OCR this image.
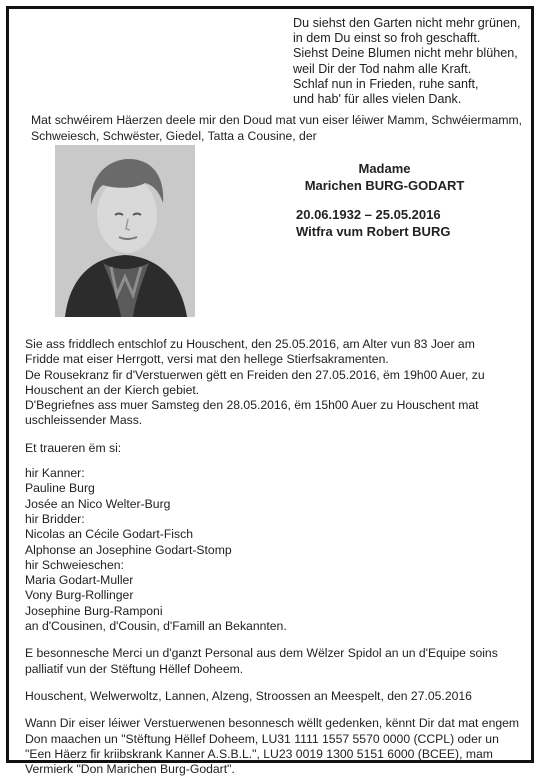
Du siehst den Garten nicht mehr grünen,
in dem Du einst so froh geschafft.
Siehst Deine Blumen nicht mehr blühen,
weil Dir der Tod nahm alle Kraft.
Schlaf nun in Frieden, ruhe sanft,
und hab' für alles vielen Dank.
Mat schwéirem Häerzen deele mir den Doud mat vun eiser léiwer Mamm, Schwéiermamm,
Schweiesch, Schwëster, Giedel, Tatta a Cousine, der
Madame
Marichen BURG-GODART
20.06.1932 – 25.05.2016
Witfra vum Robert BURG
Sie ass friddlech entschlof zu Houschent, den 25.05.2016, am Alter vun 83 Joer am
Fridde mat eiser Herrgott, versi mat den hellege Stierfsakramenten.
De Rousekranz fir d'Verstuerwen gëtt en Freiden den 27.05.2016, ëm 19h00 Auer, zu
Houschent an der Kierch gebiet.
D'Begriefnes ass muer Samsteg den 28.05.2016, ëm 15h00 Auer zu Houschent mat
uschleissender Mass.
Et traueren ëm si:
hir Kanner:
Pauline Burg
Josée an Nico Welter-Burg
hir Bridder:
Nicolas an Cécile Godart-Fisch
Alphonse an Josephine Godart-Stomp
hir Schweieschen:
Maria Godart-Muller
Vony Burg-Rollinger
Josephine Burg-Ramponi
an d'Cousinen, d'Cousin, d'Famill an Bekannten.
E besonnesche Merci un d'ganzt Personal aus dem Wëlzer Spidol an un d'Equipe soins
palliatif vun der Stëftung Hëllef Doheem.
Houschent, Welwerwoltz, Lannen, Alzeng, Stroossen an Meespelt, den 27.05.2016
Wann Dir eiser léiwer Verstuerwenen besonnesch wëllt gedenken, kënnt Dir dat mat engem
Don maachen un "Stëftung Hëllef Doheem, LU31 1111 1557 5570 0000 (CCPL) oder un
"Een Häerz fir kriibskrank Kanner A.S.B.L.", LU23 0019 1300 5151 6000 (BCEE), mam
Vermierk "Don Marichen Burg-Godart".
